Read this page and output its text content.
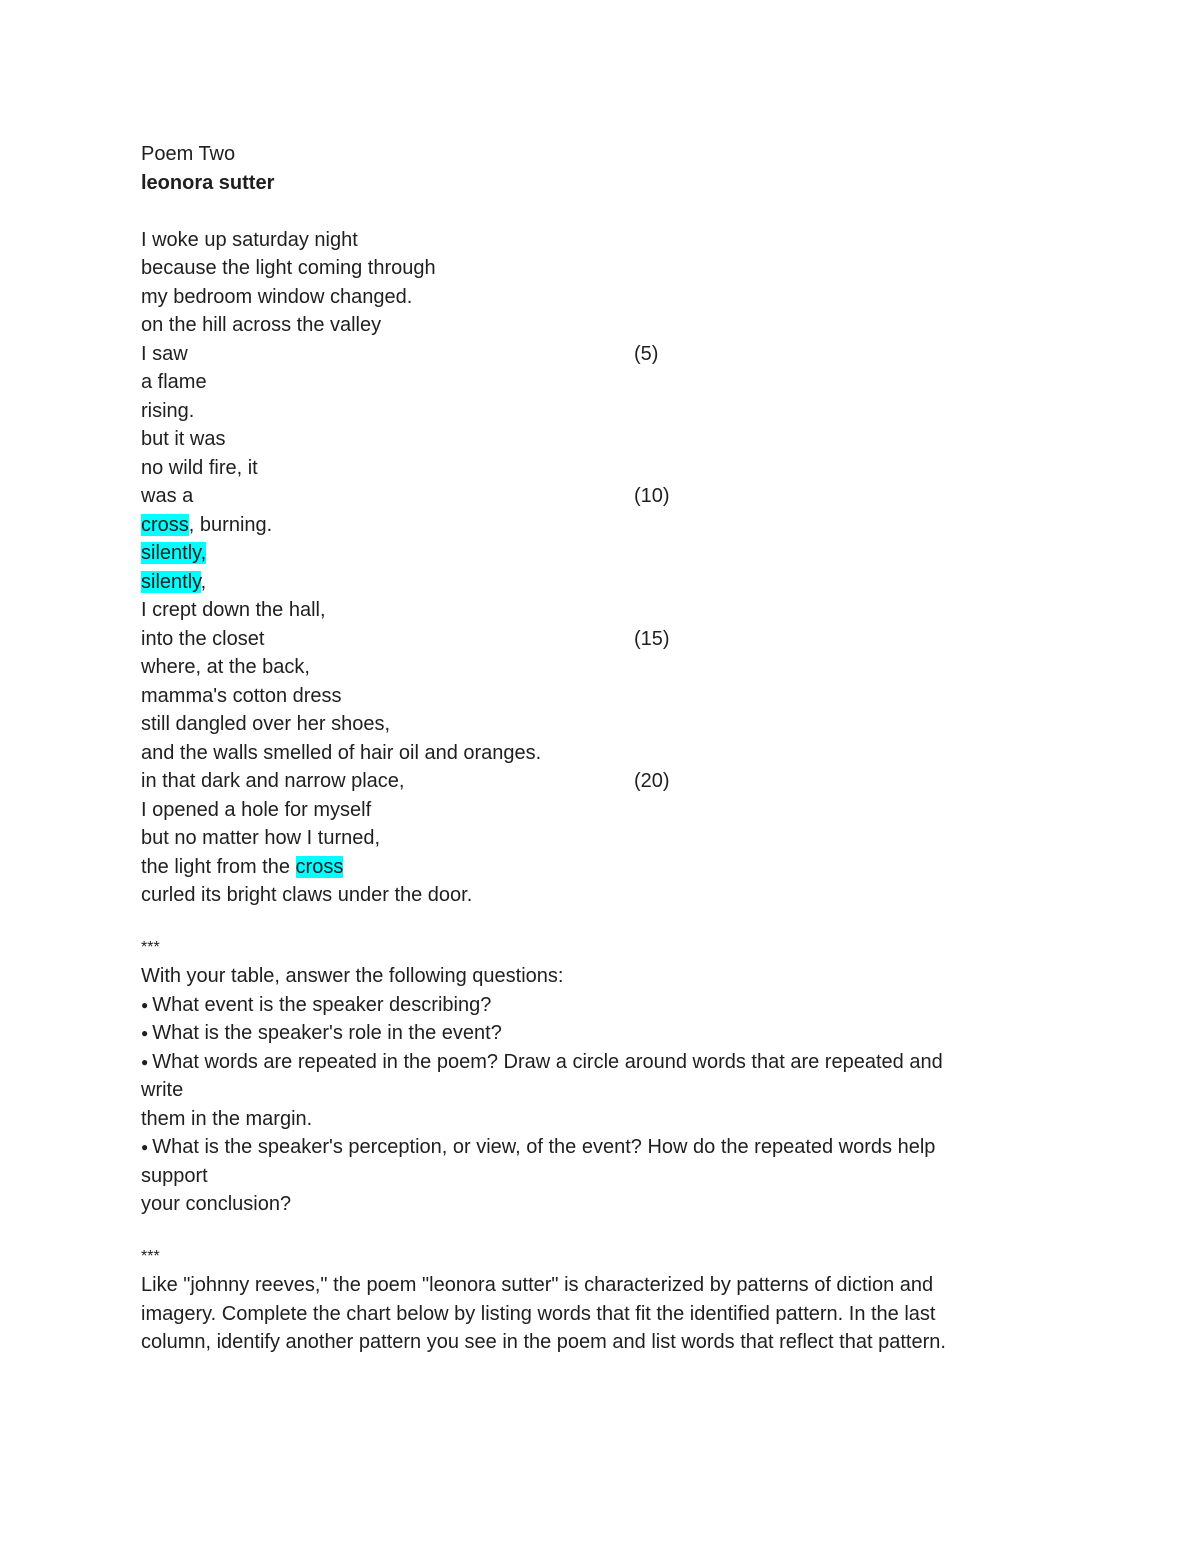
Poem Two
leonora sutter
I woke up saturday night
because the light coming through
my bedroom window changed.
on the hill across the valley
I saw	(5)
a flame
rising.
but it was
no wild fire, it
was a	(10)
cross, burning.
silently,
silently,
I crept down the hall,
into the closet	(15)
where, at the back,
mamma's cotton dress
still dangled over her shoes,
and the walls smelled of hair oil and oranges.
in that dark and narrow place,	(20)
I opened a hole for myself
but no matter how I turned,
the light from the cross
curled its bright claws under the door.
***
With your table, answer the following questions:
● What event is the speaker describing?
● What is the speaker's role in the event?
● What words are repeated in the poem? Draw a circle around words that are repeated and
write
them in the margin.
● What is the speaker's perception, or view, of the event? How do the repeated words help
support
your conclusion?
***
Like "johnny reeves," the poem "leonora sutter" is characterized by patterns of diction and
imagery. Complete the chart below by listing words that fit the identified pattern. In the last
column, identify another pattern you see in the poem and list words that reflect that pattern.
